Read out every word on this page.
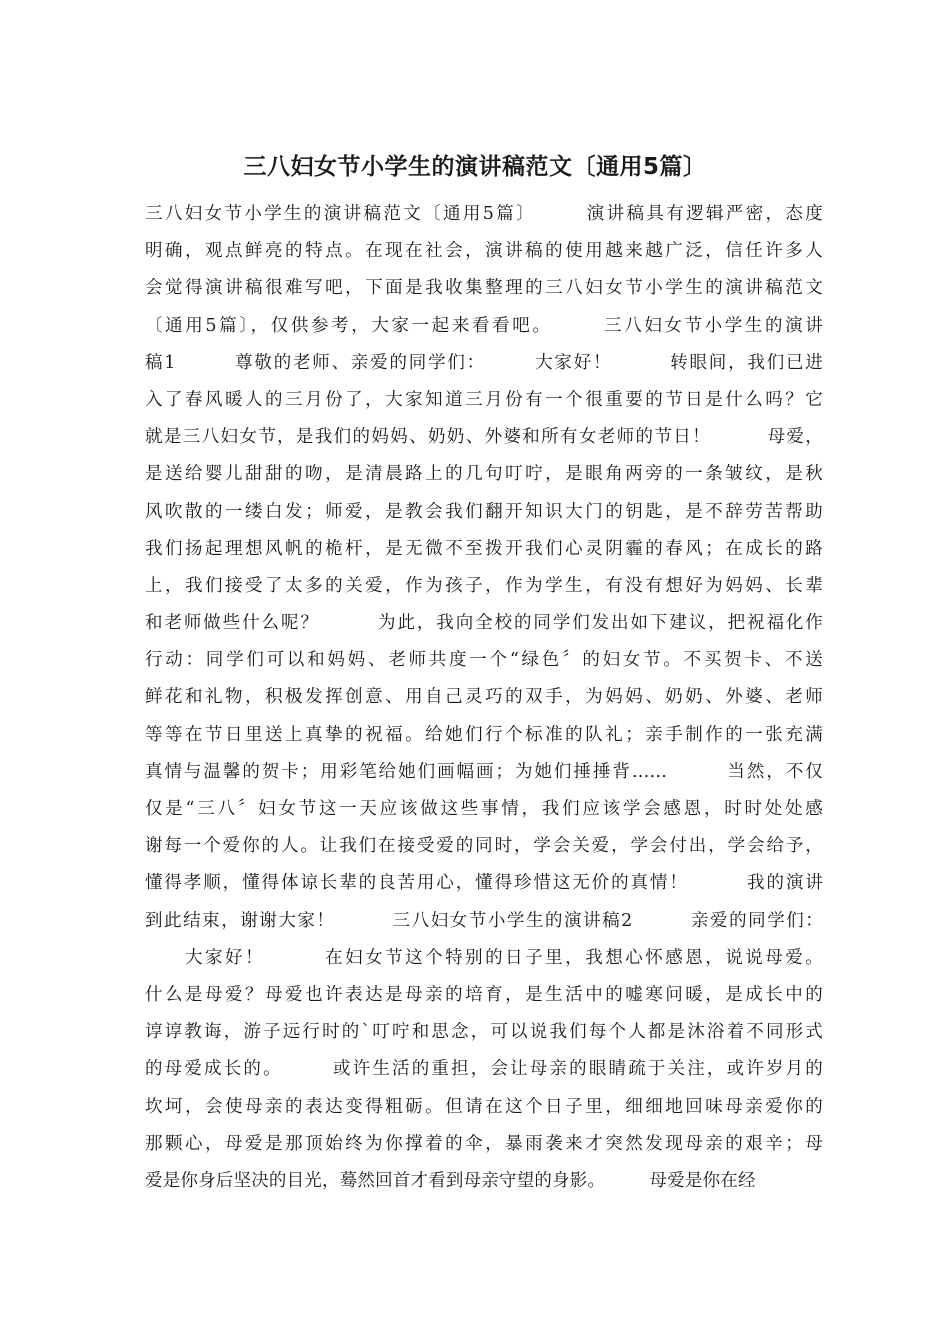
三八妇女节小学生的演讲稿范文〔通用5篇〕
三八妇女节小学生的演讲稿范文〔通用5篇〕　　　演讲稿具有逻辑严密，态度
明确，观点鲜亮的特点。在现在社会，演讲稿的使用越来越广泛，信任许多人
会觉得演讲稿很难写吧，下面是我收集整理的三八妇女节小学生的演讲稿范文
〔通用5篇〕，仅供参考，大家一起来看看吧。　　　三八妇女节小学生的演讲
稿1　　　尊敬的老师、亲爱的同学们：　　　大家好！　　　转眼间，我们已进
入了春风暖人的三月份了，大家知道三月份有一个很重要的节日是什么吗？它
就是三八妇女节，是我们的妈妈、奶奶、外婆和所有女老师的节日！　　　母爱，
是送给婴儿甜甜的吻，是清晨路上的几句叮咛，是眼角两旁的一条皱纹，是秋
风吹散的一缕白发；师爱，是教会我们翻开知识大门的钥匙，是不辞劳苦帮助
我们扬起理想风帆的桅杆，是无微不至拨开我们心灵阴霾的春风；在成长的路
上，我们接受了太多的关爱，作为孩子，作为学生，有没有想好为妈妈、长辈
和老师做些什么呢？　　　为此，我向全校的同学们发出如下建议，把祝福化作
行动：同学们可以和妈妈、老师共度一个“绿色〞的妇女节。不买贺卡、不送
鲜花和礼物，积极发挥创意、用自己灵巧的双手，为妈妈、奶奶、外婆、老师
等等在节日里送上真挚的祝福。给她们行个标准的队礼；亲手制作的一张充满
真情与温馨的贺卡；用彩笔给她们画幅画；为她们捶捶背……　　　当然，不仅
仅是“三八〞妇女节这一天应该做这些事情，我们应该学会感恩，时时处处感
谢每一个爱你的人。让我们在接受爱的同时，学会关爱，学会付出，学会给予，
懂得孝顺，懂得体谅长辈的良苦用心，懂得珍惜这无价的真情！　　　我的演讲
到此结束，谢谢大家！　　　三八妇女节小学生的演讲稿2　　　亲爱的同学们：
　　大家好！　　　在妇女节这个特别的日子里，我想心怀感恩，说说母爱。
什么是母爱？母爱也许表达是母亲的培育，是生活中的嘘寒问暖，是成长中的
谆谆教诲，游子远行时的`叮咛和思念，可以说我们每个人都是沐浴着不同形式
的母爱成长的。　　　或许生活的重担，会让母亲的眼睛疏于关注，或许岁月的
坎坷，会使母亲的表达变得粗砺。但请在这个日子里，细细地回味母亲爱你的
那颗心，母爱是那顶始终为你撑着的伞，暴雨袭来才突然发现母亲的艰辛；母
爱是你身后坚决的目光，蓦然回首才看到母亲守望的身影。　　　母爱是你在经
